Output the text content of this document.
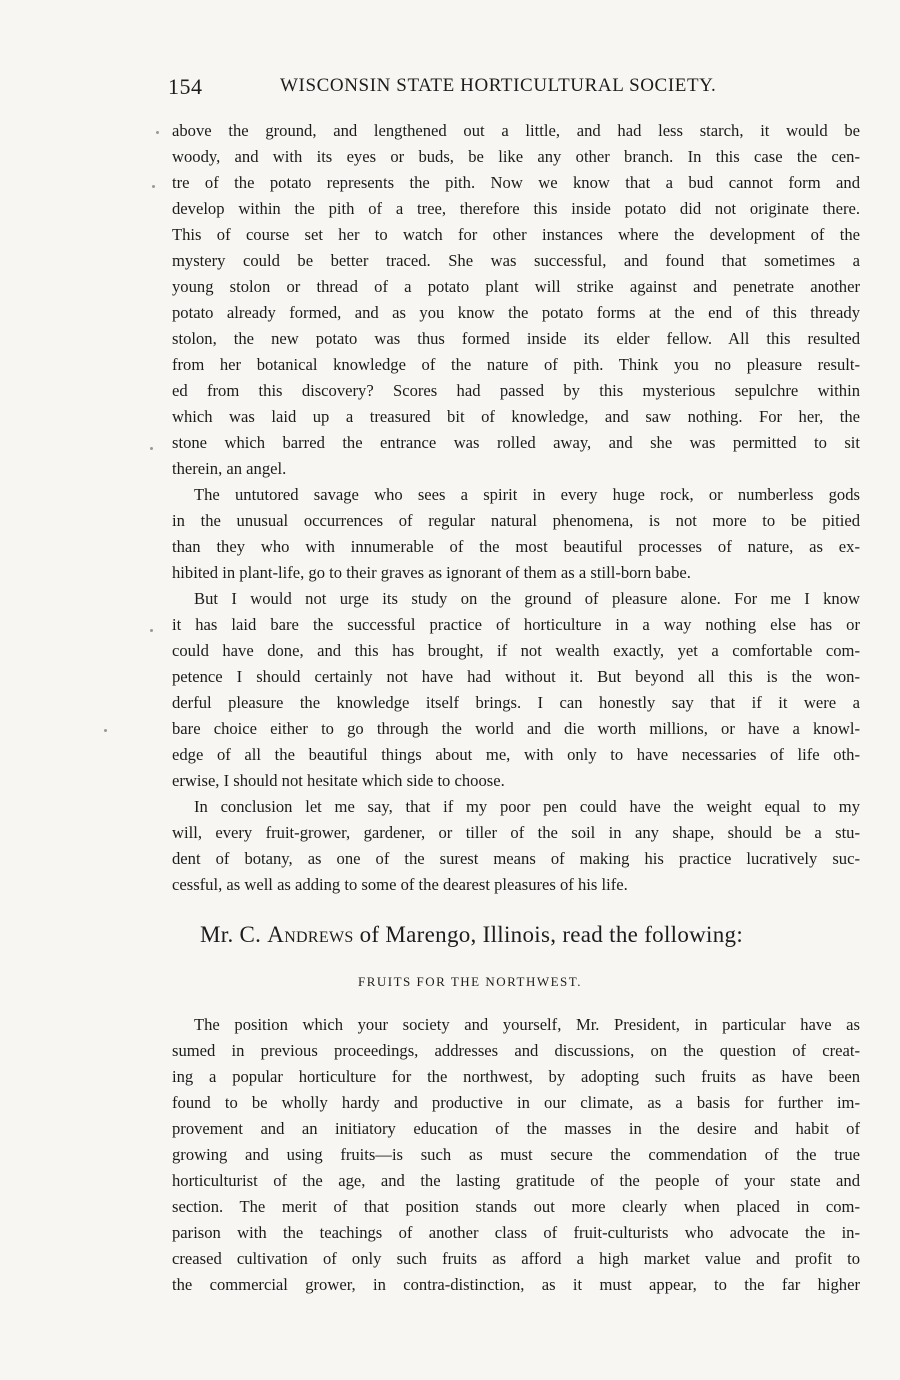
154	WISCONSIN STATE HORTICULTURAL SOCIETY.
above the ground, and lengthened out a little, and had less starch, it would be
woody, and with its eyes or buds, be like any other branch. In this case the cen-
tre of the potato represents the pith. Now we know that a bud cannot form and
develop within the pith of a tree, therefore this inside potato did not originate there.
This of course set her to watch for other instances where the development of the
mystery could be better traced. She was successful, and found that sometimes a
young stolon or thread of a potato plant will strike against and penetrate another
potato already formed, and as you know the potato forms at the end of this thready
stolon, the new potato was thus formed inside its elder fellow. All this resulted
from her botanical knowledge of the nature of pith. Think you no pleasure result-
ed from this discovery? Scores had passed by this mysterious sepulchre within
which was laid up a treasured bit of knowledge, and saw nothing. For her, the
stone which barred the entrance was rolled away, and she was permitted to sit
therein, an angel.
The untutored savage who sees a spirit in every huge rock, or numberless gods
in the unusual occurrences of regular natural phenomena, is not more to be pitied
than they who with innumerable of the most beautiful processes of nature, as ex-
hibited in plant-life, go to their graves as ignorant of them as a still-born babe.
But I would not urge its study on the ground of pleasure alone. For me I know
it has laid bare the successful practice of horticulture in a way nothing else has or
could have done, and this has brought, if not wealth exactly, yet a comfortable com-
petence I should certainly not have had without it. But beyond all this is the won-
derful pleasure the knowledge itself brings. I can honestly say that if it were a
bare choice either to go through the world and die worth millions, or have a knowl-
edge of all the beautiful things about me, with only to have necessaries of life oth-
erwise, I should not hesitate which side to choose.
In conclusion let me say, that if my poor pen could have the weight equal to my
will, every fruit-grower, gardener, or tiller of the soil in any shape, should be a stu-
dent of botany, as one of the surest means of making his practice lucratively suc-
cessful, as well as adding to some of the dearest pleasures of his life.
Mr. C. Andrews of Marengo, Illinois, read the following:
FRUITS FOR THE NORTHWEST.
The position which your society and yourself, Mr. President, in particular have as
sumed in previous proceedings, addresses and discussions, on the question of creat-
ing a popular horticulture for the northwest, by adopting such fruits as have been
found to be wholly hardy and productive in our climate, as a basis for further im-
provement and an initiatory education of the masses in the desire and habit of
growing and using fruits—is such as must secure the commendation of the true
horticulturist of the age, and the lasting gratitude of the people of your state and
section. The merit of that position stands out more clearly when placed in com-
parison with the teachings of another class of fruit-culturists who advocate the in-
creased cultivation of only such fruits as afford a high market value and profit to
the commercial grower, in contra-distinction, as it must appear, to the far higher
